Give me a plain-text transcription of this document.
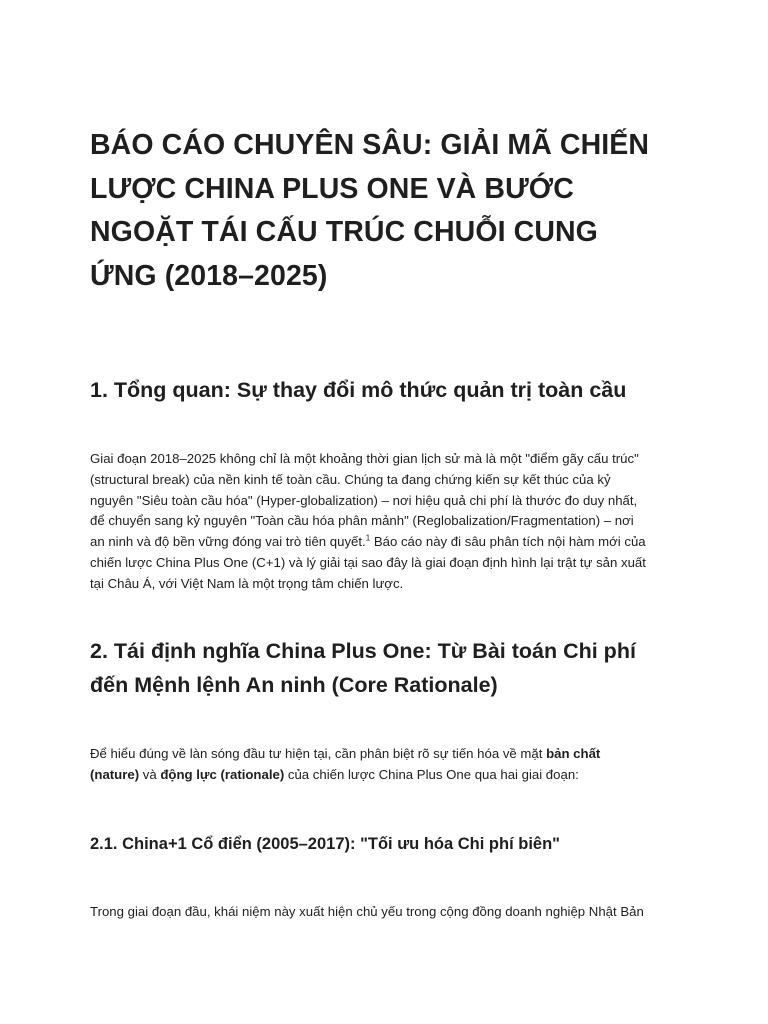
BÁO CÁO CHUYÊN SÂU: GIẢI MÃ CHIẾN
LƯỢC CHINA PLUS ONE VÀ BƯỚC
NGOẶT TÁI CẤU TRÚC CHUỖI CUNG
ỨNG (2018–2025)
1. Tổng quan: Sự thay đổi mô thức quản trị toàn cầu

Giai đoạn 2018–2025 không chỉ là một khoảng thời gian lịch sử mà là một "điểm gãy cấu trúc"
(structural break) của nền kinh tế toàn cầu. Chúng ta đang chứng kiến sự kết thúc của kỷ
nguyên "Siêu toàn cầu hóa" (Hyper-globalization) – nơi hiệu quả chi phí là thước đo duy nhất,
để chuyển sang kỷ nguyên "Toàn cầu hóa phân mảnh" (Reglobalization/Fragmentation) – nơi
an ninh và độ bền vững đóng vai trò tiên quyết.$^1$ Báo cáo này đi sâu phân tích nội hàm mới của
chiến lược China Plus One (C+1) và lý giải tại sao đây là giai đoạn định hình lại trật tự sản xuất
tại Châu Á, với Việt Nam là một trọng tâm chiến lược.

2. Tái định nghĩa China Plus One: Từ Bài toán Chi phí
đến Mệnh lệnh An ninh (Core Rationale)

Để hiểu đúng về làn sóng đầu tư hiện tại, cần phân biệt rõ sự tiến hóa về mặt bản chất
(nature) và động lực (rationale) của chiến lược China Plus One qua hai giai đoạn:

2.1. China+1 Cổ điển (2005–2017): "Tối ưu hóa Chi phí biên"

Trong giai đoạn đầu, khái niệm này xuất hiện chủ yếu trong cộng đồng doanh nghiệp Nhật Bản
